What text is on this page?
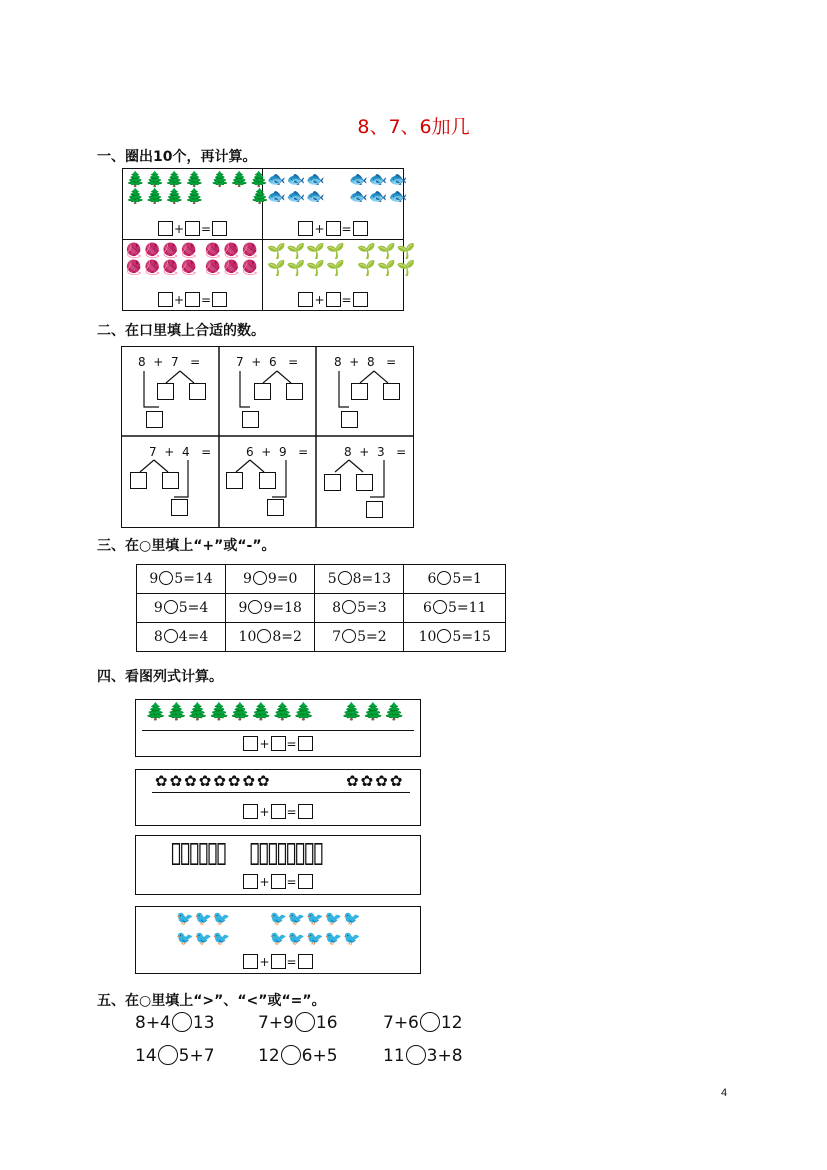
8、7、6加几
一、圈出10个，再计算。
🌲🌲🌲🌲 🌲🌲🌲
🌲🌲🌲🌲	🌲
+ =
🐟🐟🐟 🐟🐟🐟
🐟🐟🐟 🐟🐟🐟
+ =
🧶🧶🧶🧶 🧶🧶🧶
🧶🧶🧶🧶 🧶🧶🧶
+ =
🌱🌱🌱🌱 🌱🌱🌱
🌱🌱🌱🌱 🌱🌱🌱
+ =
二、在口里填上合适的数。
8 + 7 =	7 + 6 =	8 + 8 =
7 + 4 =	6 + 9 =	8 + 3 =
三、在○里填上“+”或“-”。
9 5=14	9 9=0	5 8=13	6 5=1
9 5=4	9 9=18	8 5=3	6 5=11
8 4=4	10 8=2	7 5=2	10 5=15
四、看图列式计算。
🌲🌲🌲🌲🌲🌲🌲🌲 🌲🌲🌲
+ =
✿✿✿✿✿✿✿✿	✿✿✿✿
+ =
▯▯▯▯▯▯ ▯▯▯▯▯▯▯▯
+ =
🐦🐦🐦	🐦🐦🐦🐦🐦
🐦🐦🐦	🐦🐦🐦🐦🐦
+ =
五、在○里填上“>”、“<”或“=”。
8+4 13	7+9 16	7+6 12
14 5+7	12 6+5	11 3+8
4
